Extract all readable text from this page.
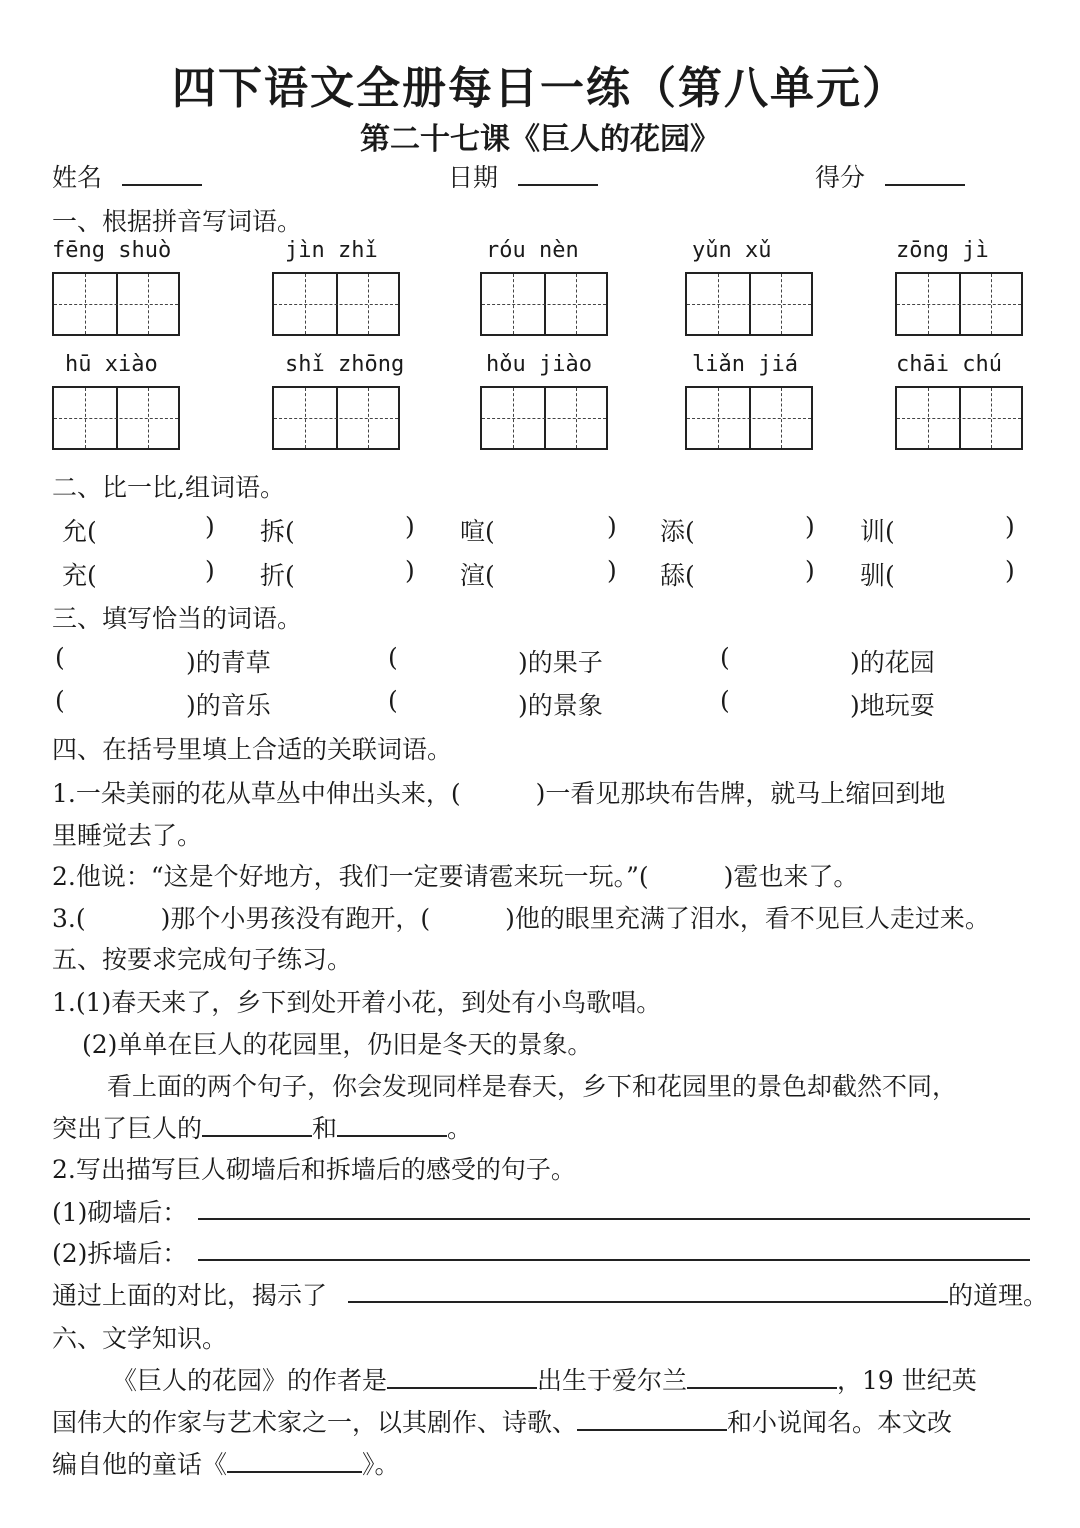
四下语文全册每日一练（第八单元）
第二十七课《巨人的花园》
姓名	日期	得分
一、根据拼音写词语。
fēng shuò	jìn zhǐ	róu nèn	yǔn xǔ	zōng jì
hū xiào	shǐ zhōng	hǒu jiào	liǎn jiá	chāi chú
二、比一比,组词语。
允(	) 拆(	) 喧(	) 添(	) 训(	)
充(	) 折(	) 渲(	) 舔(	) 驯(	)
三、填写恰当的词语。
(	)的青草	(	)的果子	(	)的花园
(	)的音乐	(	)的景象	(	)地玩耍
四、在括号里填上合适的关联词语。
1.一朵美丽的花从草丛中伸出头来，(　　　)一看见那块布告牌，就马上缩回到地
里睡觉去了。
2.他说：“这是个好地方，我们一定要请雹来玩一玩。”(　　　)雹也来了。
3.(　　　)那个小男孩没有跑开，(　　　)他的眼里充满了泪水，看不见巨人走过来。
五、按要求完成句子练习。
1.(1)春天来了，乡下到处开着小花，到处有小鸟歌唱。
(2)单单在巨人的花园里，仍旧是冬天的景象。
看上面的两个句子，你会发现同样是春天，乡下和花园里的景色却截然不同，
突出了巨人的	和	。
2.写出描写巨人砌墙后和拆墙后的感受的句子。
(1)砌墙后：
(2)拆墙后：
通过上面的对比，揭示了	的道理。
六、文学知识。
《巨人的花园》的作者是	出生于爱尔兰	，19 世纪英
国伟大的作家与艺术家之一，以其剧作、诗歌、	和小说闻名。本文改
编自他的童话《	》。
